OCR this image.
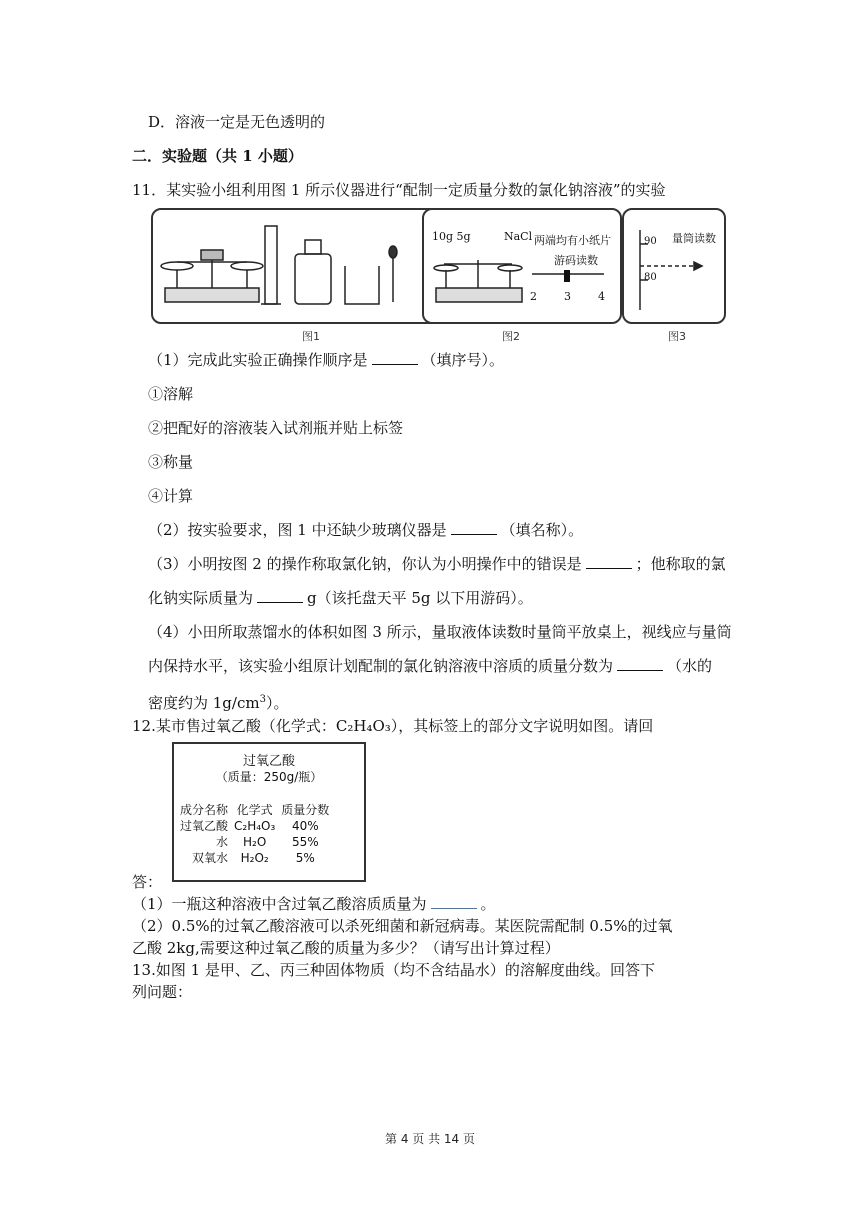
D．溶液一定是无色透明的
二．实验题（共 1 小题）
11．某实验小组利用图 1 所示仪器进行“配制一定质量分数的氯化钠溶液”的实验
图1
10g 5g	NaCl 两端均有小纸片
游码读数
2 3 4
图2
90
80
量筒读数
图3
（1）完成此实验正确操作顺序是	（填序号）。
①溶解
②把配好的溶液装入试剂瓶并贴上标签
③称量
④计算
（2）按实验要求，图 1 中还缺少玻璃仪器是	（填名称）。
（3）小明按图 2 的操作称取氯化钠，你认为小明操作中的错误是	；他称取的氯
化钠实际质量为	g（该托盘天平 5g 以下用游码）。
（4）小田所取蒸馏水的体积如图 3 所示，量取液体读数时量筒平放桌上，视线应与量筒
内保持水平，该实验小组原计划配制的氯化钠溶液中溶质的质量分数为	（水的
密度约为 $1g/cm^3$）。
12.某市售过氧乙酸（化学式：C₂H₄O₃），其标签上的部分文字说明如图。请回
过氧乙酸
（质量：250g/瓶）
成分名称	化学式	质量分数
过氧乙酸	C₂H₄O₃	40%
水	H₂O	55%
双氧水	H₂O₂	5%
答：
（1）一瓶这种溶液中含过氧乙酸溶质质量为	。
（2）0.5%的过氧乙酸溶液可以杀死细菌和新冠病毒。某医院需配制 0.5%的过氧
乙酸 2kg,需要这种过氧乙酸的质量为多少？（请写出计算过程）
13.如图 1 是甲、乙、丙三种固体物质（均不含结晶水）的溶解度曲线。回答下
列问题：
第 4 页 共 14 页
